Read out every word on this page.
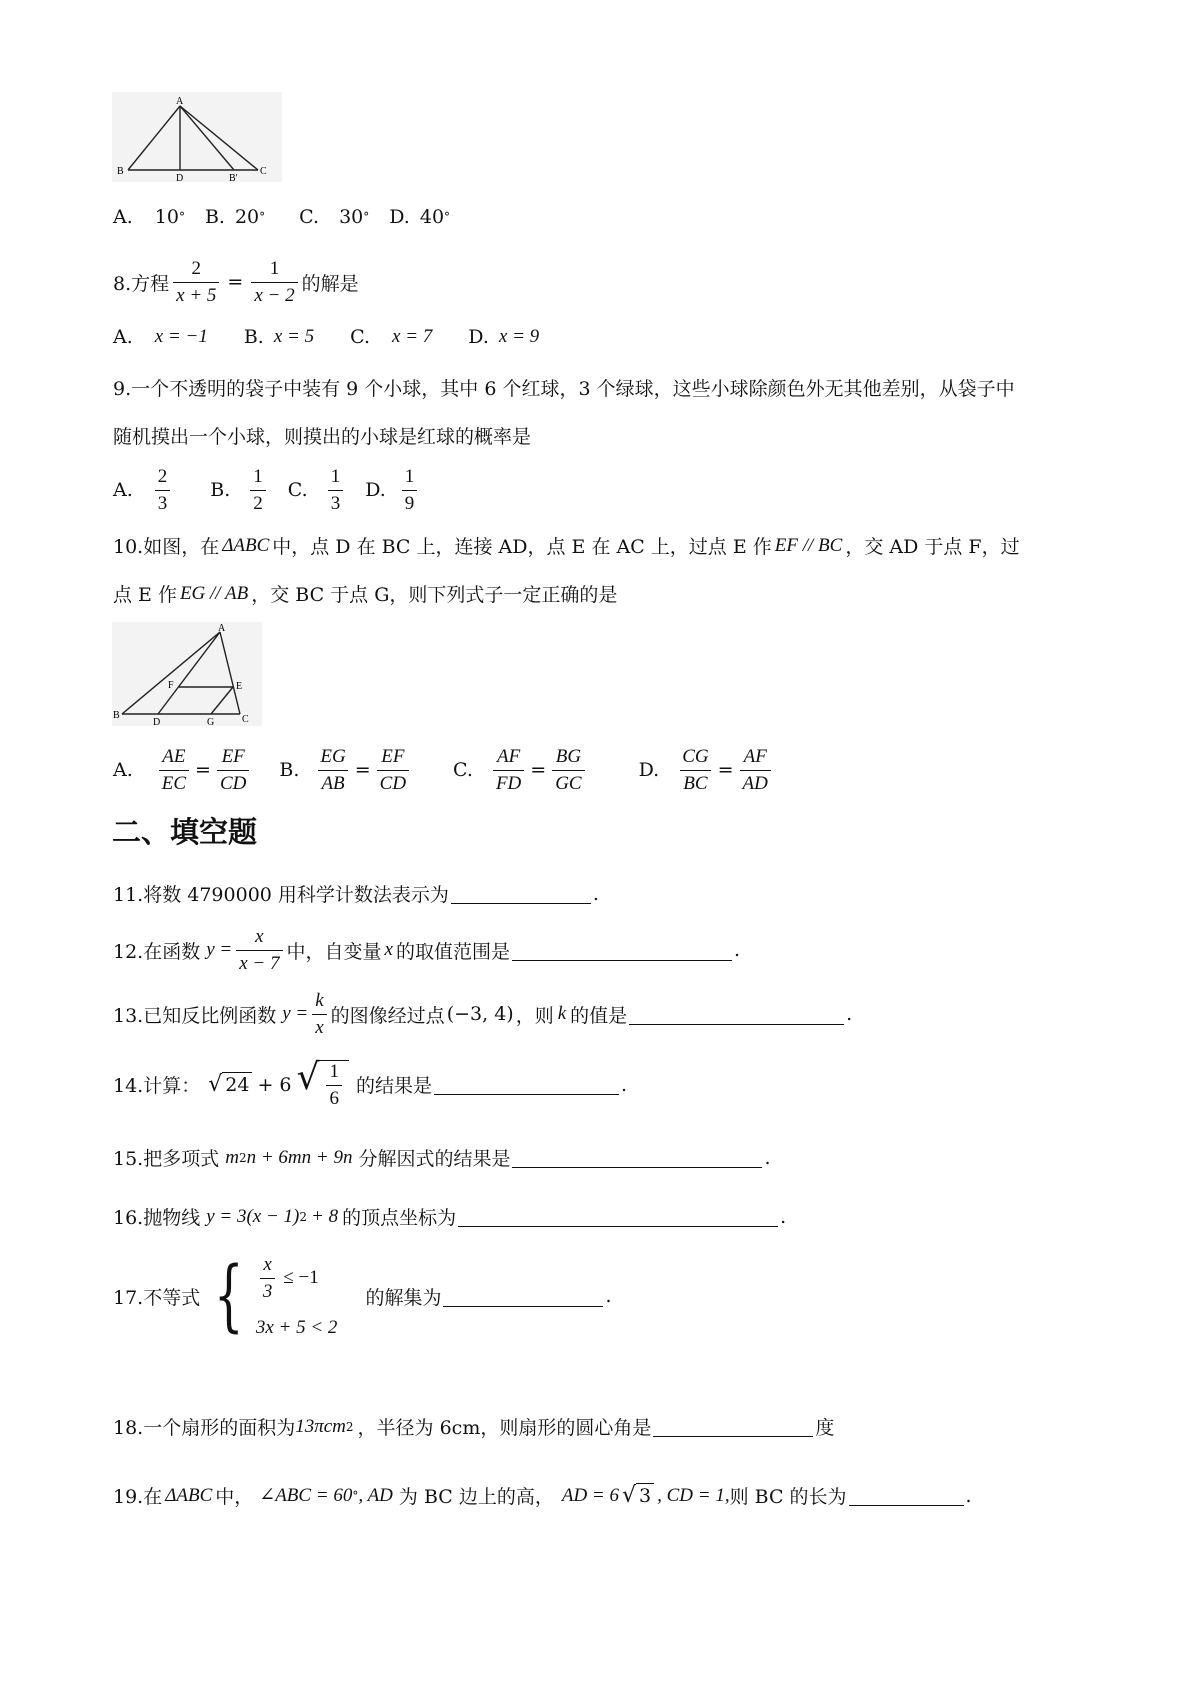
A
B
D	B'
C
A. 10 ° B. 20 ° C. 30 ° D. 40 °
8.方程 $\frac{2}{x + 5} = \frac{1}{x - 2}$ 的解是
A. x = −1 B. x = 5 C. x = 7 D. x = 9
9.一个不透明的袋子中装有 9 个小球，其中 6 个红球，3 个绿球，这些小球除颜色外无其他差别，从袋子中
随机摸出一个小球，则摸出的小球是红球的概率是
A. $\frac{2}{3} B$. $\frac{1}{2} C$. $\frac{1}{3} D$. $\frac{1}{9}$
10.如图，在 ΔABC 中，点 D 在 BC 上，连接 AD，点 E 在 AC 上，过点 E 作 EF // BC ，交 AD 于点 F，过
点 E 作 EG // AB ，交 BC 于点 G，则下列式子一定正确的是
A
F	E
B
D	G	C
A. $\frac{AE}{EC} = \frac{EF}{CD} B$. $\frac{EG}{AB} = \frac{EF}{CD} C$. $\frac{AF}{FD} = \frac{BG}{GC}$	D. $\frac{CG}{BC} = \frac{AF}{AD}$
二、填空题
11.将数 4790000 用科学计数法表示为	.
12.在函数 $y = \frac{x}{x - 7}$ 中，自变量 x 的取值范围是	.
13.已知反比例函数 $y = \frac{k}{x}$ 的图像经过点 (−3, 4) ，则 k 的值是	.
14.计算： √ 24 + 6 √ $\frac{1}{6}$ 的结果是	.
15.把多项式 m 2 n + 6mn + 9n 分解因式的结果是	.
16.抛物线 y = 3(x − 1) 2 + 8 的顶点坐标为	.
17.不等式 { $\frac{x}{3} \le -1$
3x + 5 < 2
的解集为	.
18.一个扇形的面积为 13πcm 2 ，半径为 6cm，则扇形的圆心角是	度
19.在 ΔABC 中， ∠ABC = 60 ° , AD 为 BC 边上的高， AD = 6 √ 3 , CD = 1, 则 BC 的长为	.
